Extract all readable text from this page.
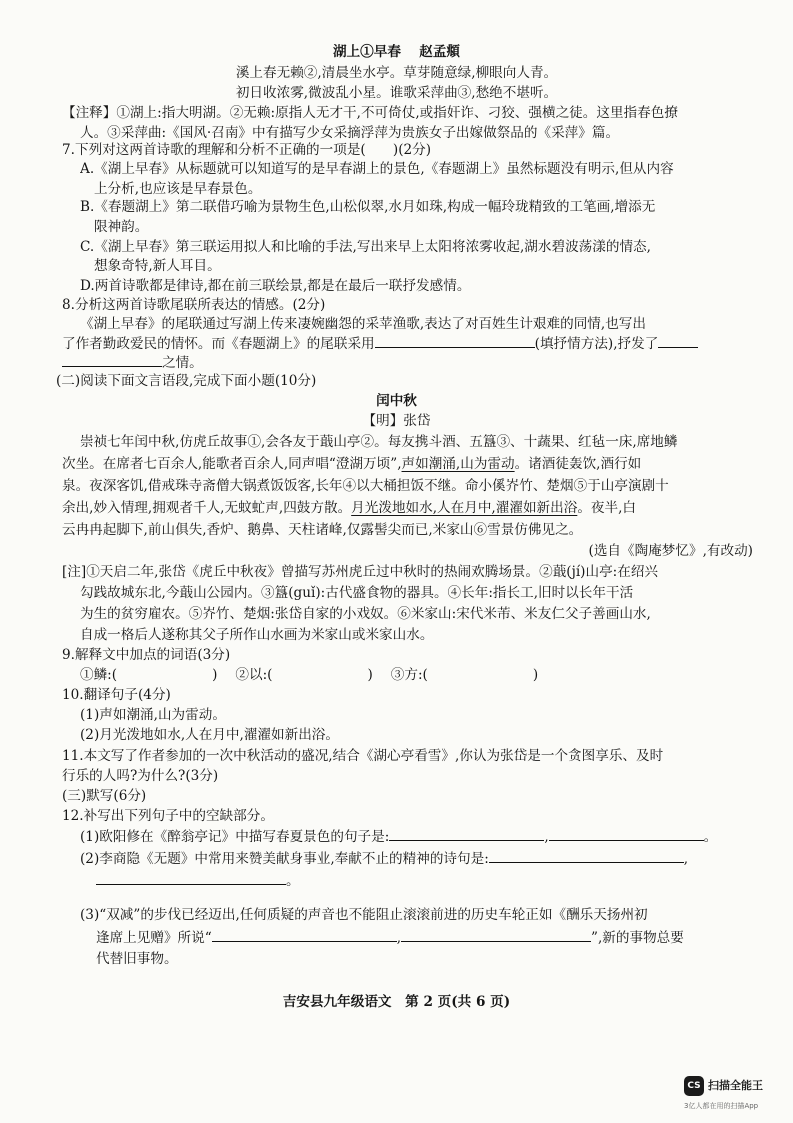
湖上①早春　 赵孟頫
溪上春无赖②,清晨坐水亭。草芽随意绿,柳眼向人青。
初日收浓雾,微波乱小星。谁歌采萍曲③,愁绝不堪听。
【注释】①湖上:指大明湖。②无赖:原指人无才干,不可倚仗,或指奸诈、刁狡、强横之徒。这里指春色撩
人。③采萍曲:《国风·召南》中有描写少女采摘浮萍为贵族女子出嫁做祭品的《采萍》篇。
7.下列对这两首诗歌的理解和分析不正确的一项是(　　)(2分)
A.《湖上早春》从标题就可以知道写的是早春湖上的景色,《春题湖上》虽然标题没有明示,但从内容
上分析,也应该是早春景色。
B.《春题湖上》第二联借巧喻为景物生色,山松似翠,水月如珠,构成一幅玲珑精致的工笔画,增添无
限神韵。
C.《湖上早春》第三联运用拟人和比喻的手法,写出来早上太阳将浓雾收起,湖水碧波荡漾的情态,
想象奇特,新人耳目。
D.两首诗歌都是律诗,都在前三联绘景,都是在最后一联抒发感情。
8.分析这两首诗歌尾联所表达的情感。(2分)
《湖上早春》的尾联通过写湖上传来凄婉幽怨的采苹渔歌,表达了对百姓生计艰难的同情,也写出
了作者勤政爱民的情怀。而《春题湖上》的尾联采用	(填抒情方法),抒发了
之情。
(二)阅读下面文言语段,完成下面小题(10分)
闰中秋
【明】张岱
崇祯七年闰中秋,仿虎丘故事①,会各友于蕺山亭②。每友携斗酒、五簋③、十蔬果、红毡一床,席地鳞
次坐。在席者七百余人,能歌者百余人,同声唱“澄湖万顷”,声如潮涌,山为雷动。诸酒徒轰饮,酒行如
泉。夜深客饥,借戒珠寺斋僧大锅煮饭饭客,长年④以大桶担饭不继。命小傒岕竹、楚烟⑤于山亭演剧十
余出,妙入情理,拥观者千人,无蚊虻声,四鼓方散。月光泼地如水,人在月中,濯濯如新出浴。夜半,白
云冉冉起脚下,前山俱失,香炉、鹅鼻、天柱诸峰,仅露髻尖而已,米家山⑥雪景仿佛见之。
(选自《陶庵梦忆》,有改动)
[注]①天启二年,张岱《虎丘中秋夜》曾描写苏州虎丘过中秋时的热闹欢腾场景。②蕺(jí)山亭:在绍兴
勾践故城东北,今蕺山公园内。③簋(guǐ):古代盛食物的器具。④长年:指长工,旧时以长年干活
为生的贫穷雇农。⑤岕竹、楚烟:张岱自家的小戏奴。⑥米家山:宋代米芾、米友仁父子善画山水,
自成一格后人遂称其父子所作山水画为米家山或米家山水。
9.解释文中加点的词语(3分)
①鳞:(	) ②以:(	) ③方:(	)
10.翻译句子(4分)
(1)声如潮涌,山为雷动。
(2)月光泼地如水,人在月中,濯濯如新出浴。
11.本文写了作者参加的一次中秋活动的盛况,结合《湖心亭看雪》,你认为张岱是一个贪图享乐、及时
行乐的人吗?为什么?(3分)
(三)默写(6分)
12.补写出下列句子中的空缺部分。
(1)欧阳修在《醉翁亭记》中描写春夏景色的句子是:	,	。
(2)李商隐《无题》中常用来赞美献身事业,奉献不止的精神的诗句是:	,
。
(3)“双减”的步伐已经迈出,任何质疑的声音也不能阻止滚滚前进的历史车轮正如《酬乐天扬州初
逢席上见赠》所说“	,	”,新的事物总要
代替旧事物。
吉安县九年级语文　第 2 页(共 6 页)
CS 扫描全能王
3亿人都在用的扫描App
